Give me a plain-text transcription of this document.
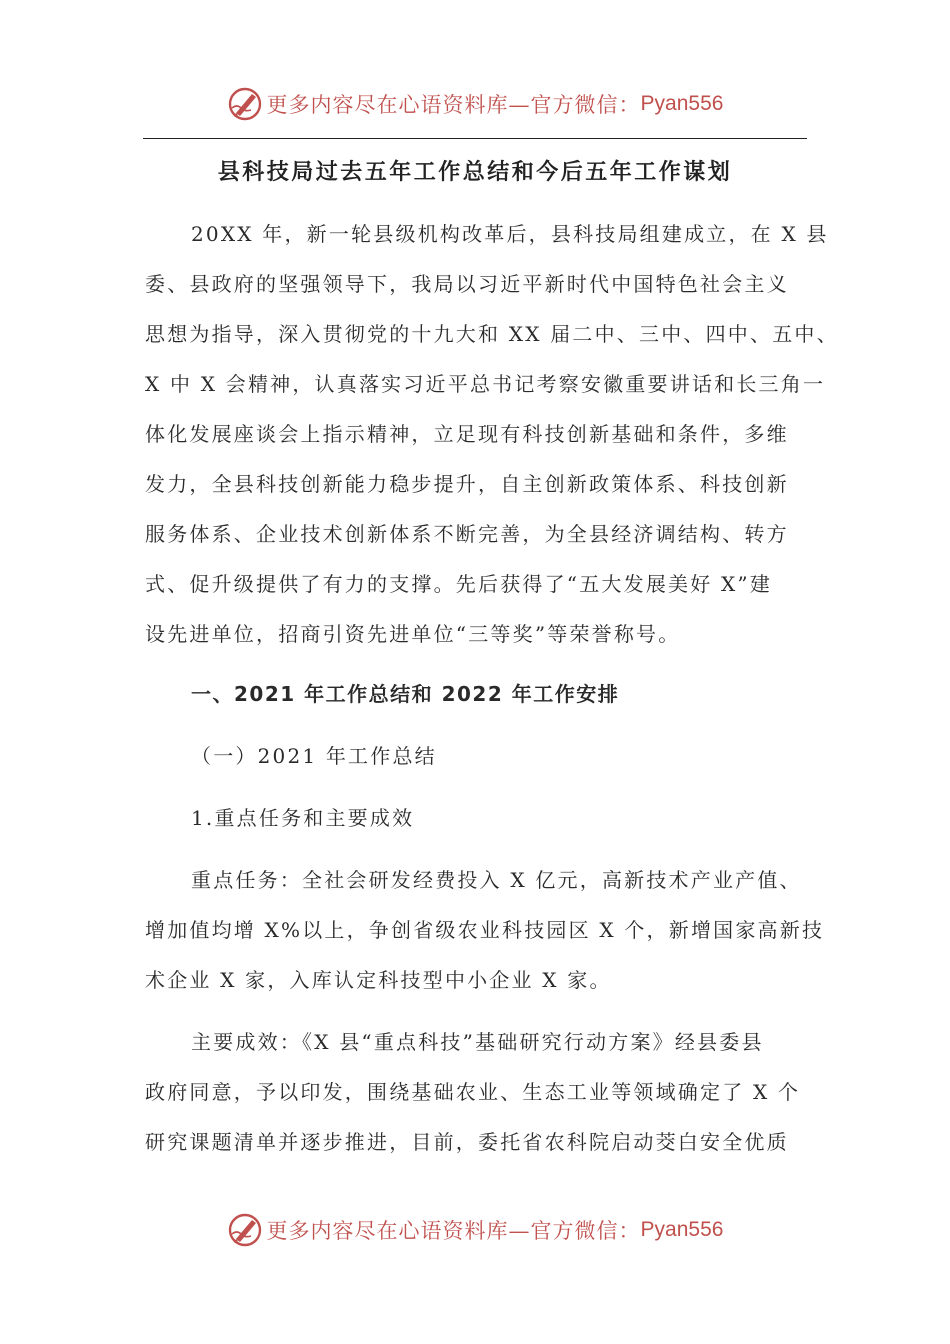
更多内容尽在心语资料库—官方微信： Pyan556
县科技局过去五年工作总结和今后五年工作谋划
20XX 年，新一轮县级机构改革后，县科技局组建成立，在 X 县
委、县政府的坚强领导下，我局以习近平新时代中国特色社会主义
思想为指导，深入贯彻党的十九大和 XX 届二中、三中、四中、五中、
X 中 X 会精神，认真落实习近平总书记考察安徽重要讲话和长三角一
体化发展座谈会上指示精神，立足现有科技创新基础和条件，多维
发力，全县科技创新能力稳步提升，自主创新政策体系、科技创新
服务体系、企业技术创新体系不断完善，为全县经济调结构、转方
式、促升级提供了有力的支撑。先后获得了“五大发展美好 X”建
设先进单位，招商引资先进单位“三等奖”等荣誉称号。
一、2021 年工作总结和 2022 年工作安排
（一）2021 年工作总结
1.重点任务和主要成效
重点任务：全社会研发经费投入 X 亿元，高新技术产业产值、
增加值均增 X%以上，争创省级农业科技园区 X 个，新增国家高新技
术企业 X 家，入库认定科技型中小企业 X 家。
主要成效：《X 县“重点科技”基础研究行动方案》经县委县
政府同意，予以印发，围绕基础农业、生态工业等领域确定了 X 个
研究课题清单并逐步推进，目前，委托省农科院启动茭白安全优质
更多内容尽在心语资料库—官方微信： Pyan556
